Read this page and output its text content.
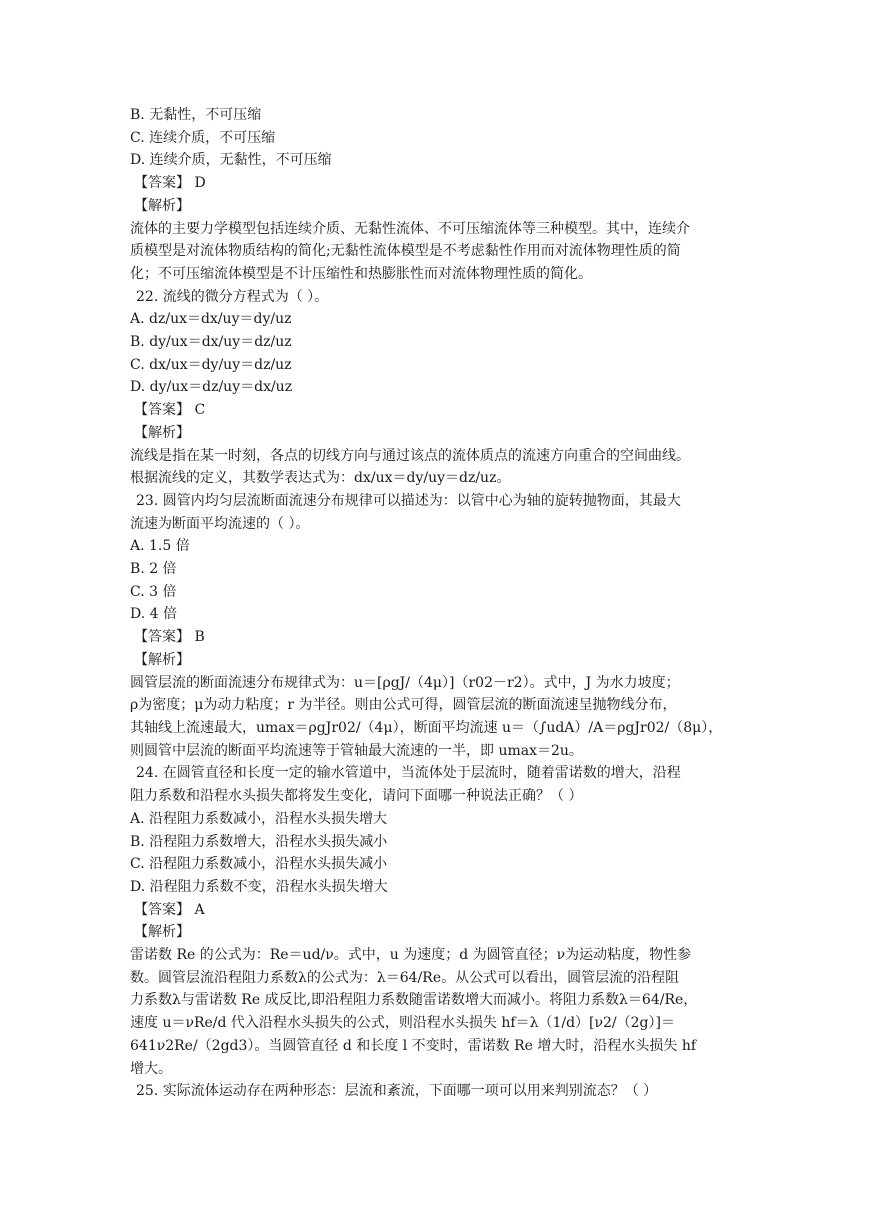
B. 无黏性，不可压缩
C. 连续介质，不可压缩
D. 连续介质，无黏性，不可压缩
【答案】 D
【解析】
流体的主要力学模型包括连续介质、无黏性流体、不可压缩流体等三种模型。其中，连续介
质模型是对流体物质结构的简化;无黏性流体模型是不考虑黏性作用而对流体物理性质的简
化；不可压缩流体模型是不计压缩性和热膨胀性而对流体物理性质的简化。
22. 流线的微分方程式为（ ）。
A. dz/ux＝dx/uy＝dy/uz
B. dy/ux＝dx/uy＝dz/uz
C. dx/ux＝dy/uy＝dz/uz
D. dy/ux＝dz/uy＝dx/uz
【答案】 C
【解析】
流线是指在某一时刻，各点的切线方向与通过该点的流体质点的流速方向重合的空间曲线。
根据流线的定义，其数学表达式为：dx/ux＝dy/uy＝dz/uz。
23. 圆管内均匀层流断面流速分布规律可以描述为：以管中心为轴的旋转抛物面，其最大
流速为断面平均流速的（ ）。
A. 1.5 倍
B. 2 倍
C. 3 倍
D. 4 倍
【答案】 B
【解析】
圆管层流的断面流速分布规律式为：u＝[ρgJ/（4μ）]（r02－r2）。式中，J 为水力坡度；
ρ为密度；μ为动力粘度；r 为半径。则由公式可得，圆管层流的断面流速呈抛物线分布，
其轴线上流速最大，umax＝ρgJr02/（4μ），断面平均流速 u＝（∫udA）/A＝ρgJr02/（8μ），
则圆管中层流的断面平均流速等于管轴最大流速的一半，即 umax＝2u。
24. 在圆管直径和长度一定的输水管道中，当流体处于层流时，随着雷诺数的增大，沿程
阻力系数和沿程水头损失都将发生变化，请问下面哪一种说法正确？（ ）
A. 沿程阻力系数减小，沿程水头损失增大
B. 沿程阻力系数增大，沿程水头损失减小
C. 沿程阻力系数减小，沿程水头损失减小
D. 沿程阻力系数不变，沿程水头损失增大
【答案】 A
【解析】
雷诺数 Re 的公式为：Re＝ud/ν。式中，u 为速度；d 为圆管直径；ν为运动粘度，物性参
数。圆管层流沿程阻力系数λ的公式为：λ＝64/Re。从公式可以看出，圆管层流的沿程阻
力系数λ与雷诺数 Re 成反比,即沿程阻力系数随雷诺数增大而减小。将阻力系数λ＝64/Re，
速度 u＝νRe/d 代入沿程水头损失的公式，则沿程水头损失 hf＝λ（1/d）[ν2/（2g）]＝
641ν2Re/（2gd3）。当圆管直径 d 和长度 l 不变时，雷诺数 Re 增大时，沿程水头损失 hf
增大。
25. 实际流体运动存在两种形态：层流和紊流，下面哪一项可以用来判别流态？（ ）
